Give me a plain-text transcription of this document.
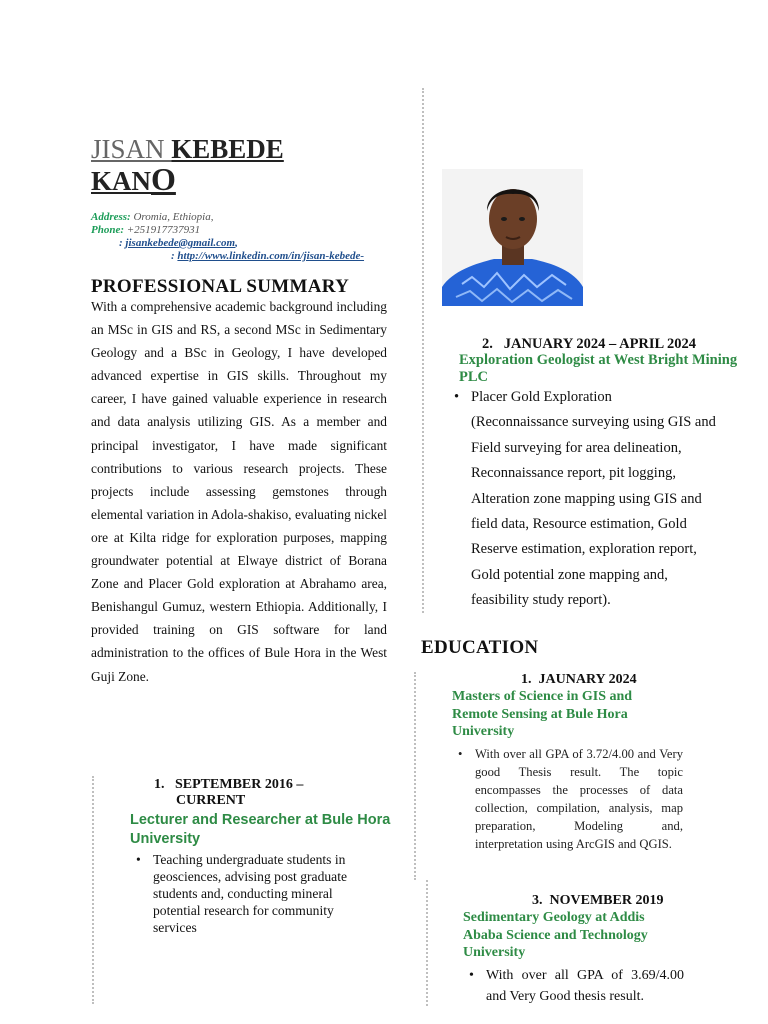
JISAN KEBEDE
KANO
Address: Oromia, Ethiopia,
Phone: +251917737931
: jisankebede@gmail.com,
: http://www.linkedin.com/in/jisan-kebede-
PROFESSIONAL SUMMARY
With a comprehensive academic background including an MSc in GIS and RS, a second MSc in Sedimentary Geology and a BSc in Geology, I have developed advanced expertise in GIS skills. Throughout my career, I have gained valuable experience in research and data analysis utilizing GIS. As a member and principal investigator, I have made significant contributions to various research projects. These projects include assessing gemstones through elemental variation in Adola-shakiso, evaluating nickel ore at Kilta ridge for exploration purposes, mapping groundwater potential at Elwaye district of Borana Zone and Placer Gold exploration at Abrahamo area, Benishangul Gumuz, western Ethiopia. Additionally, I provided training on GIS software for land administration to the offices of Bule Hora in the West Guji Zone.
2. JANUARY 2024 – APRIL 2024
Exploration Geologist at West Bright Mining PLC
• Placer Gold Exploration
(Reconnaissance surveying using GIS and Field surveying for area delineation, Reconnaissance report, pit logging, Alteration zone mapping using GIS and field data, Resource estimation, Gold Reserve estimation, exploration report, Gold potential zone mapping and, feasibility study report).
EDUCATION
1. JAUNARY 2024
Masters of Science in GIS and Remote Sensing at Bule Hora University
• With over all GPA of 3.72/4.00 and Very good Thesis result. The topic encompasses the processes of data collection, compilation, analysis, map preparation, Modeling and, interpretation using ArcGIS and QGIS.
3. NOVEMBER 2019
Sedimentary Geology at Addis Ababa Science and Technology University
• With over all GPA of 3.69/4.00 and Very Good thesis result.
1. SEPTEMBER 2016 –
CURRENT
Lecturer and Researcher at Bule Hora University
• Teaching undergraduate students in geosciences, advising post graduate students and, conducting mineral potential research for community services
